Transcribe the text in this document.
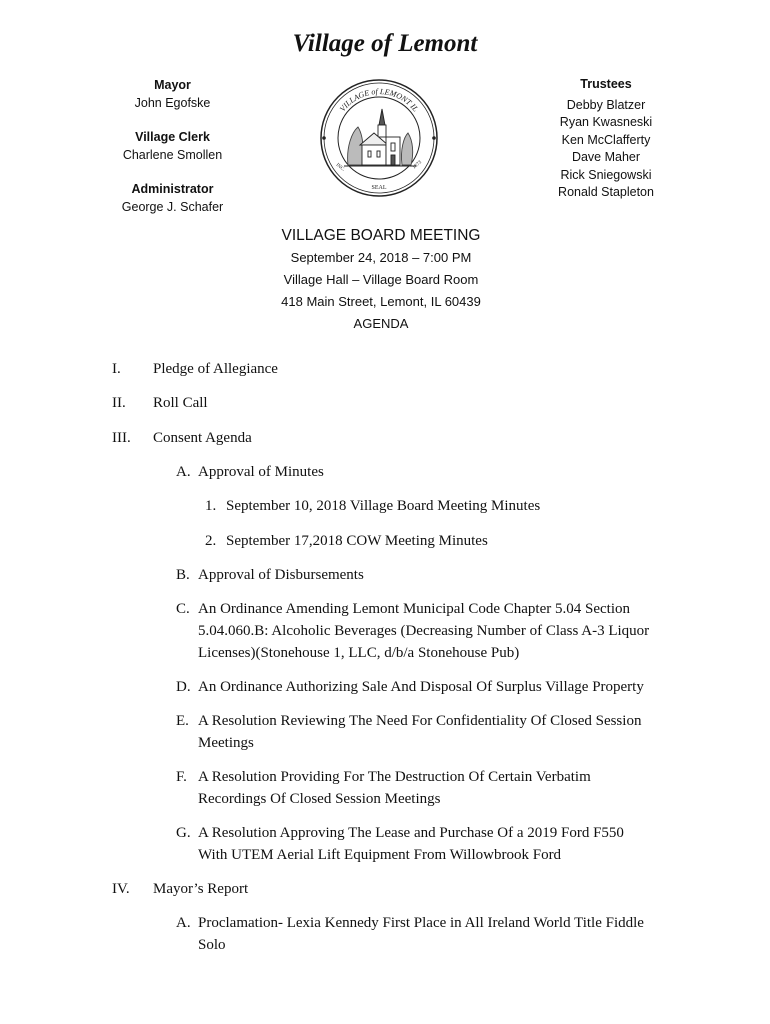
Village of Lemont
Mayor
John Egofske
Village Clerk
Charlene Smollen
Administrator
George J. Schafer
VILLAGE of LEMONT IL
SEAL
INC.	1873
Trustees
Debby Blatzer
Ryan Kwasneski
Ken McClafferty
Dave Maher
Rick Sniegowski
Ronald Stapleton
VILLAGE BOARD MEETING
September 24, 2018 – 7:00 PM
Village Hall – Village Board Room
418 Main Street, Lemont, IL 60439
AGENDA
I. Pledge of Allegiance
II. Roll Call
III. Consent Agenda
A. Approval of Minutes
1. September 10, 2018 Village Board Meeting Minutes
2. September 17,2018 COW Meeting Minutes
B. Approval of Disbursements
C. An Ordinance Amending Lemont Municipal Code Chapter 5.04 Section
5.04.060.B: Alcoholic Beverages (Decreasing Number of Class A-3 Liquor
Licenses)(Stonehouse 1, LLC, d/b/a Stonehouse Pub)
D. An Ordinance Authorizing Sale And Disposal Of Surplus Village Property
E. A Resolution Reviewing The Need For Confidentiality Of Closed Session
Meetings
F. A Resolution Providing For The Destruction Of Certain Verbatim
Recordings Of Closed Session Meetings
G. A Resolution Approving The Lease and Purchase Of a 2019 Ford F550
With UTEM Aerial Lift Equipment From Willowbrook Ford
IV. Mayor’s Report
A. Proclamation- Lexia Kennedy First Place in All Ireland World Title Fiddle
Solo
